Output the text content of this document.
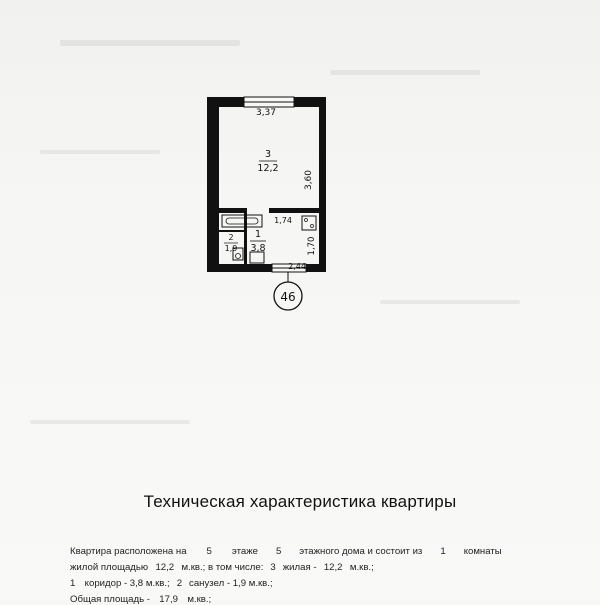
3,37
3,60
1,74
1,70
2,44
3
12,2
1
3,8
2
1,9
46
Техническая характеристика квартиры
Квартира расположена на 5 этаже 5 этажного дома и состоит из 1 комнаты
жилой площадью 12,2 м.кв.; в том числе: 3 жилая - 12,2 м.кв.;
1 коридор - 3,8 м.кв.; 2 санузел - 1,9 м.кв.;
Общая площадь - 17,9 м.кв.;
